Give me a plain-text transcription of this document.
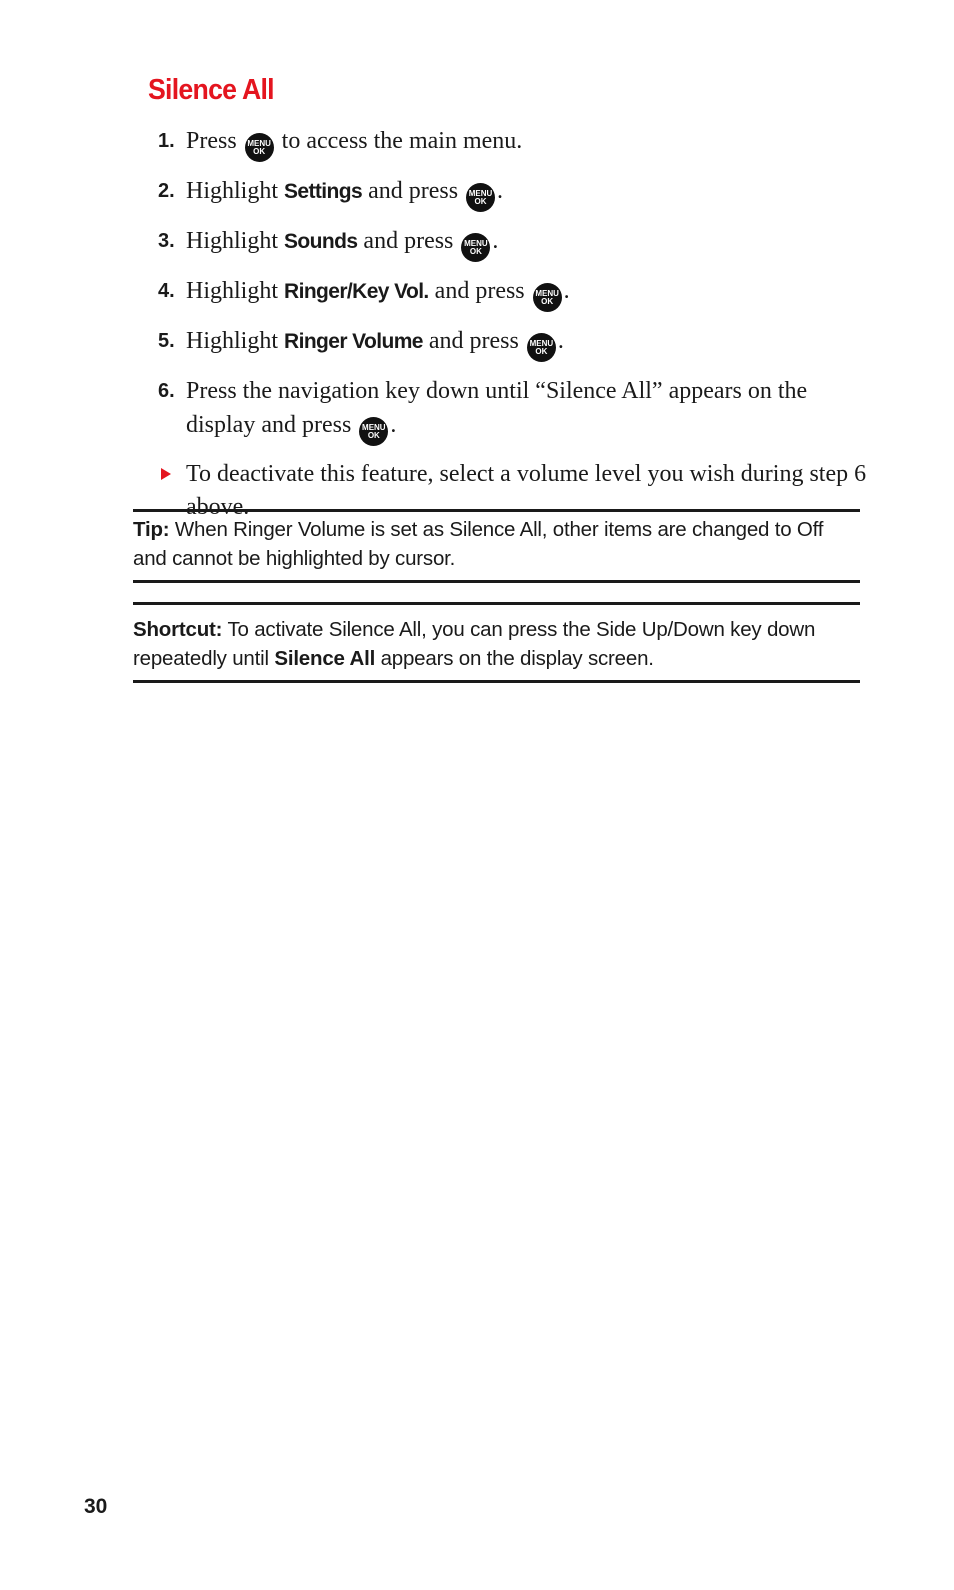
Silence All
1. Press	MENU
OK to access the main menu.
2. Highlight Settings and press	MENU
OK .
3. Highlight Sounds and press	MENU
OK .
4. Highlight Ringer/Key Vol. and press	MENU
OK .
5. Highlight Ringer Volume and press	MENU
OK .
6. Press the navigation key down until “Silence All” appears on the display and press	MENU
OK .
To deactivate this feature, select a volume level you wish during step 6 above.
Tip: When Ringer Volume is set as Silence All, other items are changed to Off and cannot be highlighted by cursor.
Shortcut: To activate Silence All, you can press the Side Up/Down key down repeatedly until Silence All appears on the display screen.
30
